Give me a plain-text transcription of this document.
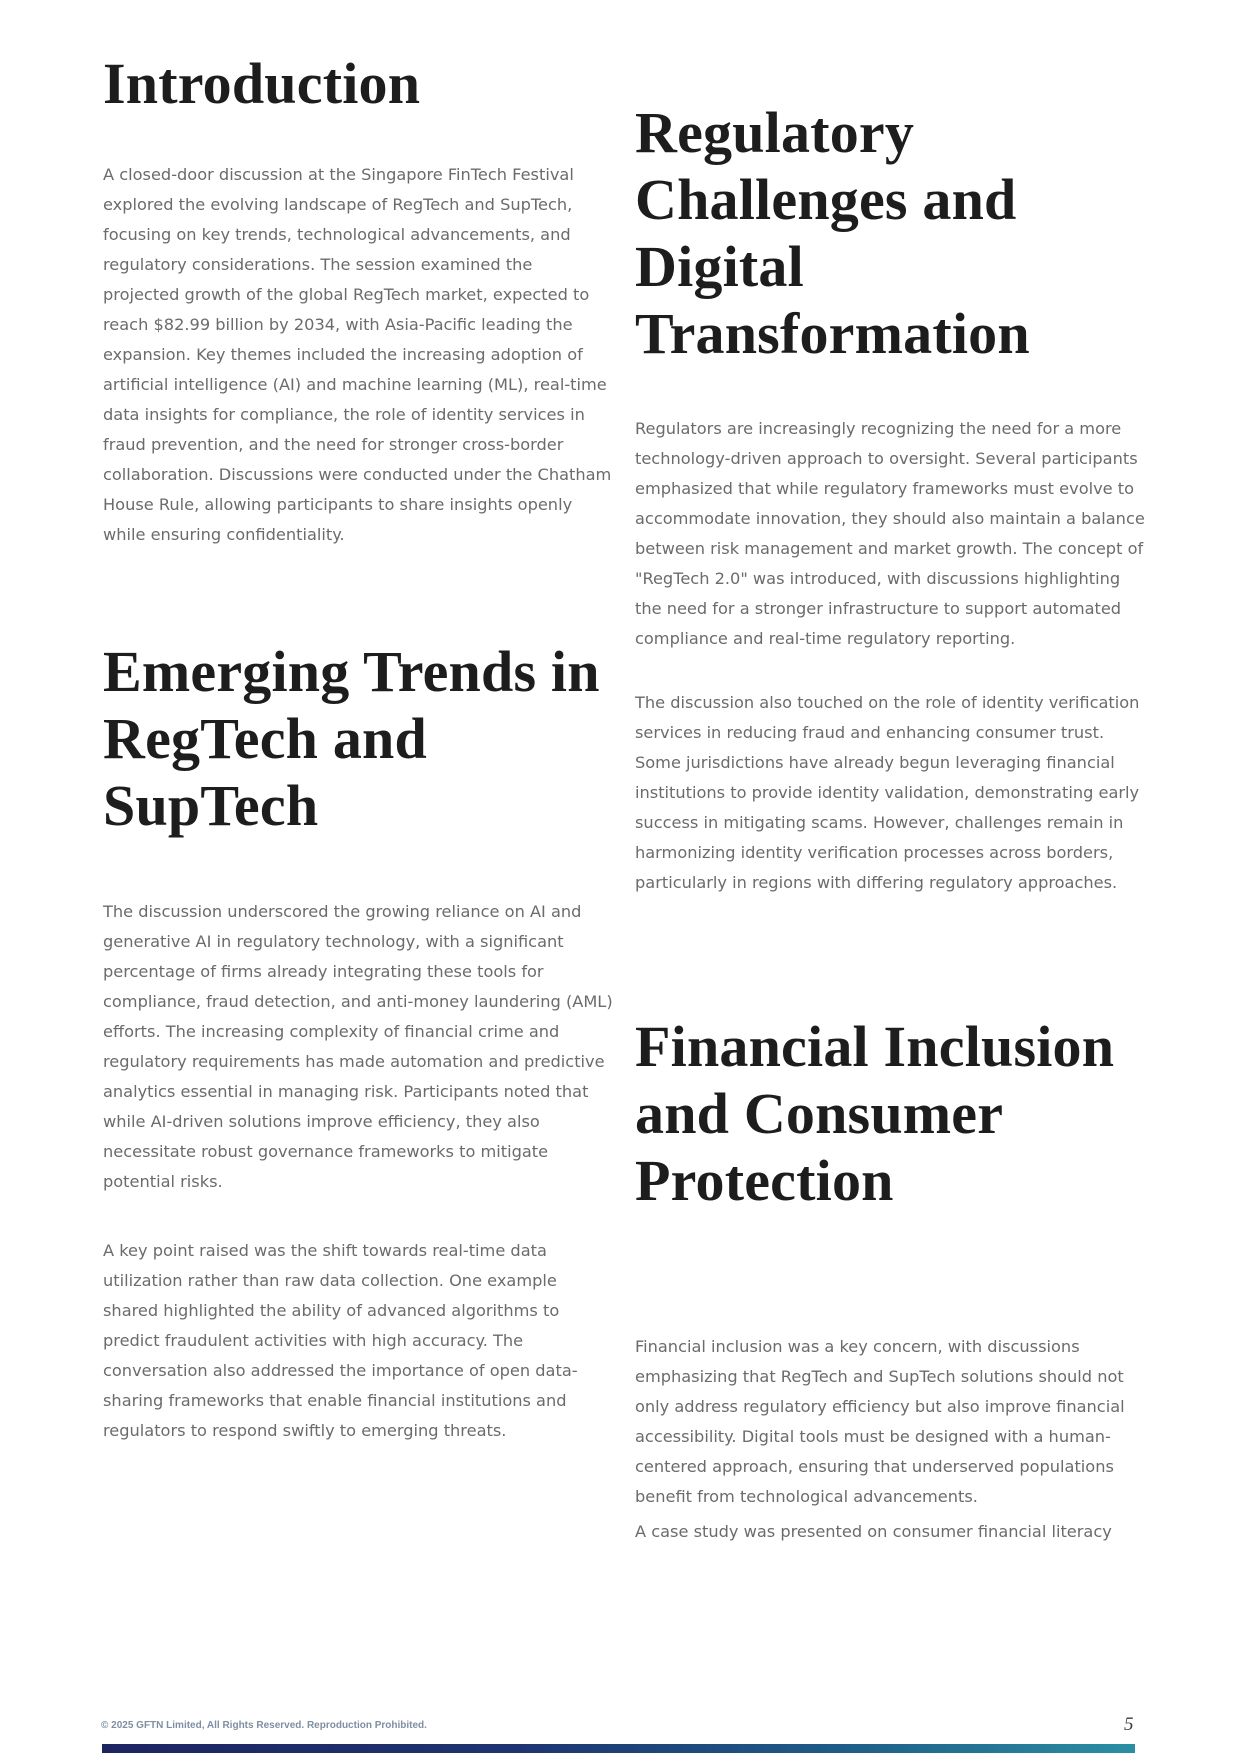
Introduction

A closed-door discussion at the Singapore FinTech Festival explored the evolving landscape of RegTech and SupTech, focusing on key trends, technological advancements, and regulatory considerations. The session examined the projected growth of the global RegTech market, expected to reach $82.99 billion by 2034, with Asia-Pacific leading the expansion. Key themes included the increasing adoption of artificial intelligence (AI) and machine learning (ML), real-time data insights for compliance, the role of identity services in fraud prevention, and the need for stronger cross-border collaboration. Discussions were conducted under the Chatham House Rule, allowing participants to share insights openly while ensuring confidentiality.

Emerging Trends in RegTech and SupTech

The discussion underscored the growing reliance on AI and generative AI in regulatory technology, with a significant percentage of firms already integrating these tools for compliance, fraud detection, and anti-money laundering (AML) efforts. The increasing complexity of financial crime and regulatory requirements has made automation and predictive analytics essential in managing risk. Participants noted that while AI-driven solutions improve efficiency, they also necessitate robust governance frameworks to mitigate potential risks.

A key point raised was the shift towards real-time data utilization rather than raw data collection. One example shared highlighted the ability of advanced algorithms to predict fraudulent activities with high accuracy. The conversation also addressed the importance of open data-sharing frameworks that enable financial institutions and regulators to respond swiftly to emerging threats.

Regulatory Challenges and Digital Transformation

Regulators are increasingly recognizing the need for a more technology-driven approach to oversight. Several participants emphasized that while regulatory frameworks must evolve to accommodate innovation, they should also maintain a balance between risk management and market growth. The concept of "RegTech 2.0" was introduced, with discussions highlighting the need for a stronger infrastructure to support automated compliance and real-time regulatory reporting.

The discussion also touched on the role of identity verification services in reducing fraud and enhancing consumer trust. Some jurisdictions have already begun leveraging financial institutions to provide identity validation, demonstrating early success in mitigating scams. However, challenges remain in harmonizing identity verification processes across borders, particularly in regions with differing regulatory approaches.

Financial Inclusion and Consumer Protection

Financial inclusion was a key concern, with discussions emphasizing that RegTech and SupTech solutions should not only address regulatory efficiency but also improve financial accessibility. Digital tools must be designed with a human-centered approach, ensuring that underserved populations benefit from technological advancements.

A case study was presented on consumer financial literacy

© 2025 GFTN Limited, All Rights Reserved. Reproduction Prohibited.	5
